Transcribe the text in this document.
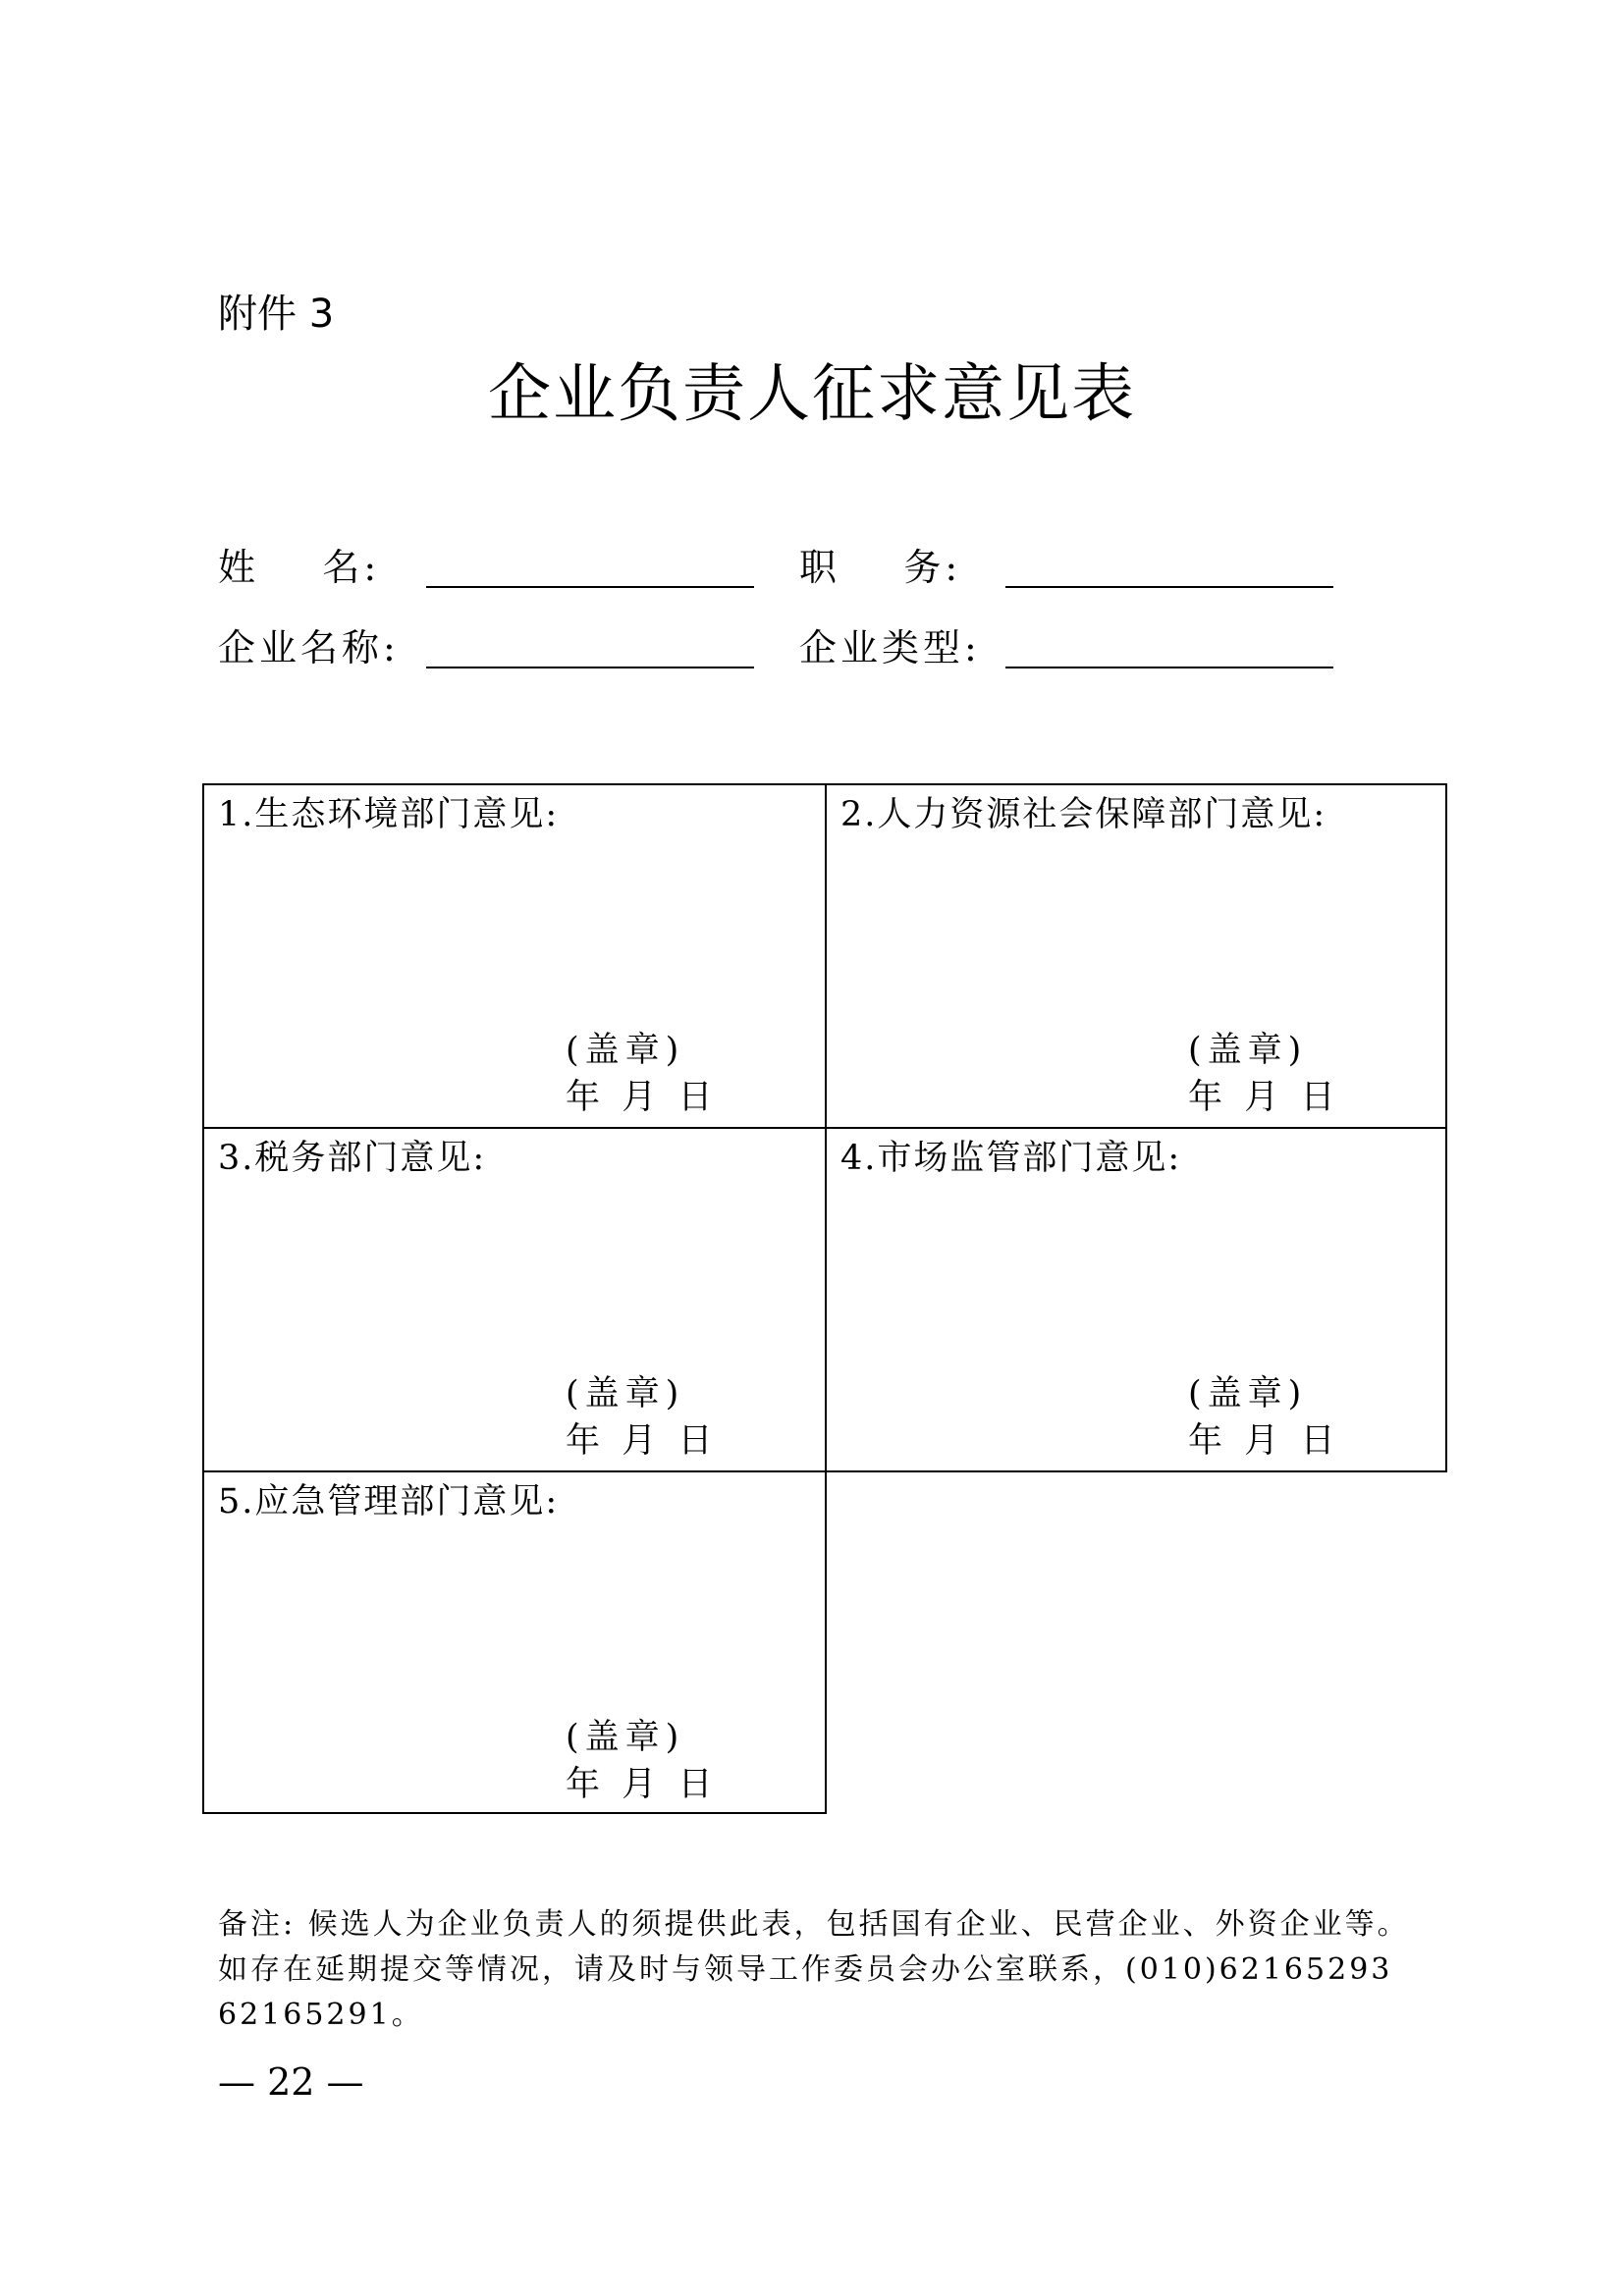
附件 3
企业负责人征求意见表
姓    名:	职    务:
企业名称:	企业类型:
1.生态环境部门意见:
(盖章)
年  月  日
2.人力资源社会保障部门意见:
(盖章)
年  月  日
3.税务部门意见:
(盖章)
年  月  日
4.市场监管部门意见:
(盖章)
年  月  日
5.应急管理部门意见:
(盖章)
年  月  日
备注: 候选人为企业负责人的须提供此表，包括国有企业、民营企业、外资企业等。
如存在延期提交等情况，请及时与领导工作委员会办公室联系，(010)62165293
62165291。
— 22 —
